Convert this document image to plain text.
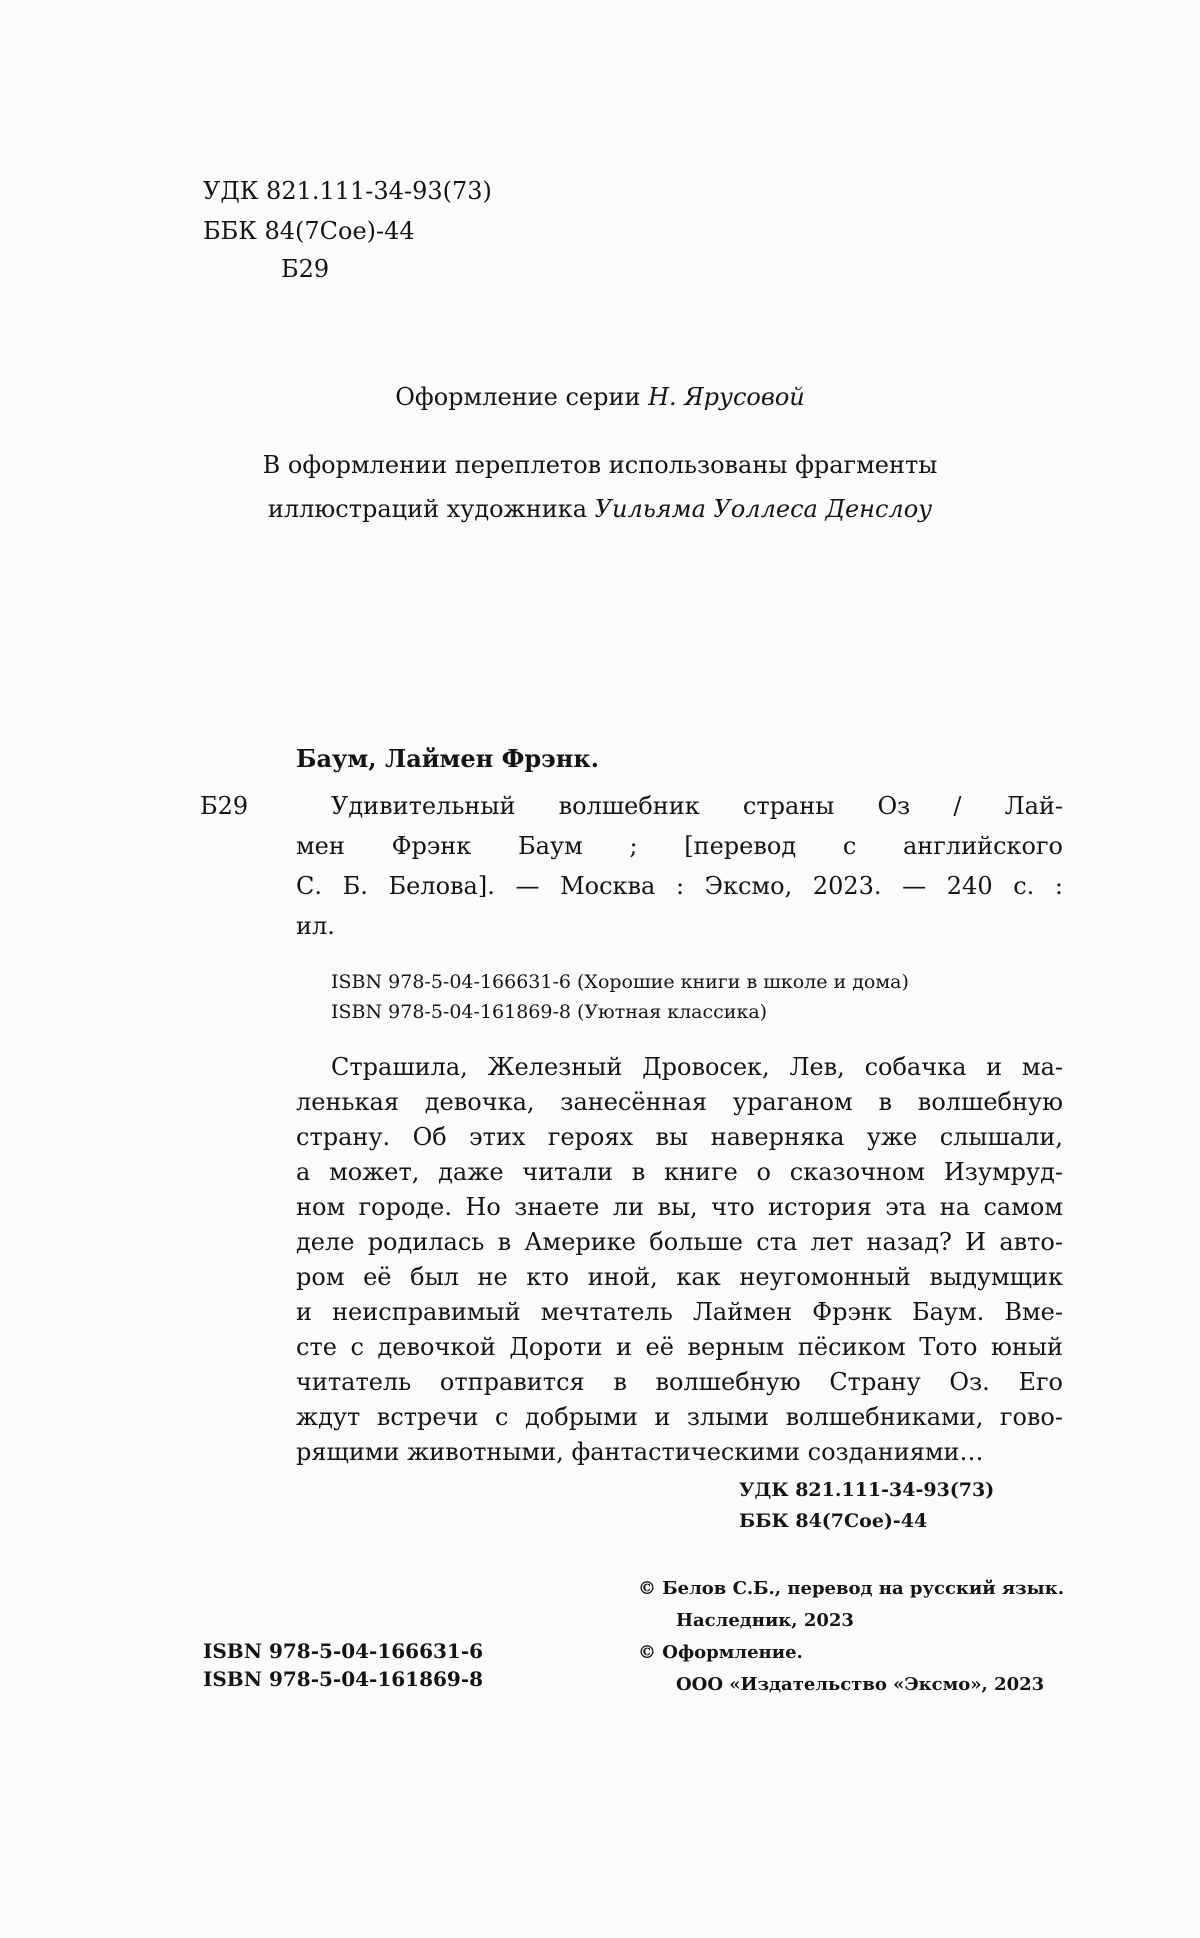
УДК 821.111-34-93(73)
ББК 84(7Сое)-44
Б29
Оформление серии Н. Ярусовой
В оформлении переплетов использованы фрагменты
иллюстраций художника Уильяма Уоллеса Денслоу
Баум, Лаймен Фрэнк.
Б29	Удивительный волшебник страны Оз / Лай-
мен Фрэнк Баум ; [перевод с английского
С. Б. Белова]. — Москва : Эксмо, 2023. — 240 с. :
ил.
ISBN 978-5-04-166631-6 (Хорошие книги в школе и дома)
ISBN 978-5-04-161869-8 (Уютная классика)
Страшила, Железный Дровосек, Лев, собачка и ма-
ленькая девочка, занесённая ураганом в волшебную
страну. Об этих героях вы наверняка уже слышали,
а может, даже читали в книге о сказочном Изумруд-
ном городе. Но знаете ли вы, что история эта на самом
деле родилась в Америке больше ста лет назад? И авто-
ром её был не кто иной, как неугомонный выдумщик
и неисправимый мечтатель Лаймен Фрэнк Баум. Вме-
сте с девочкой Дороти и её верным пёсиком Тото юный
читатель отправится в волшебную Страну Оз. Его
ждут встречи с добрыми и злыми волшебниками, гово-
рящими животными, фантастическими созданиями…
УДК 821.111-34-93(73)
ББК 84(7Сое)-44
ISBN 978-5-04-166631-6
ISBN 978-5-04-161869-8
© Белов С.Б., перевод на русский язык.
Наследник, 2023
© Оформление.
ООО «Издательство «Эксмо», 2023
